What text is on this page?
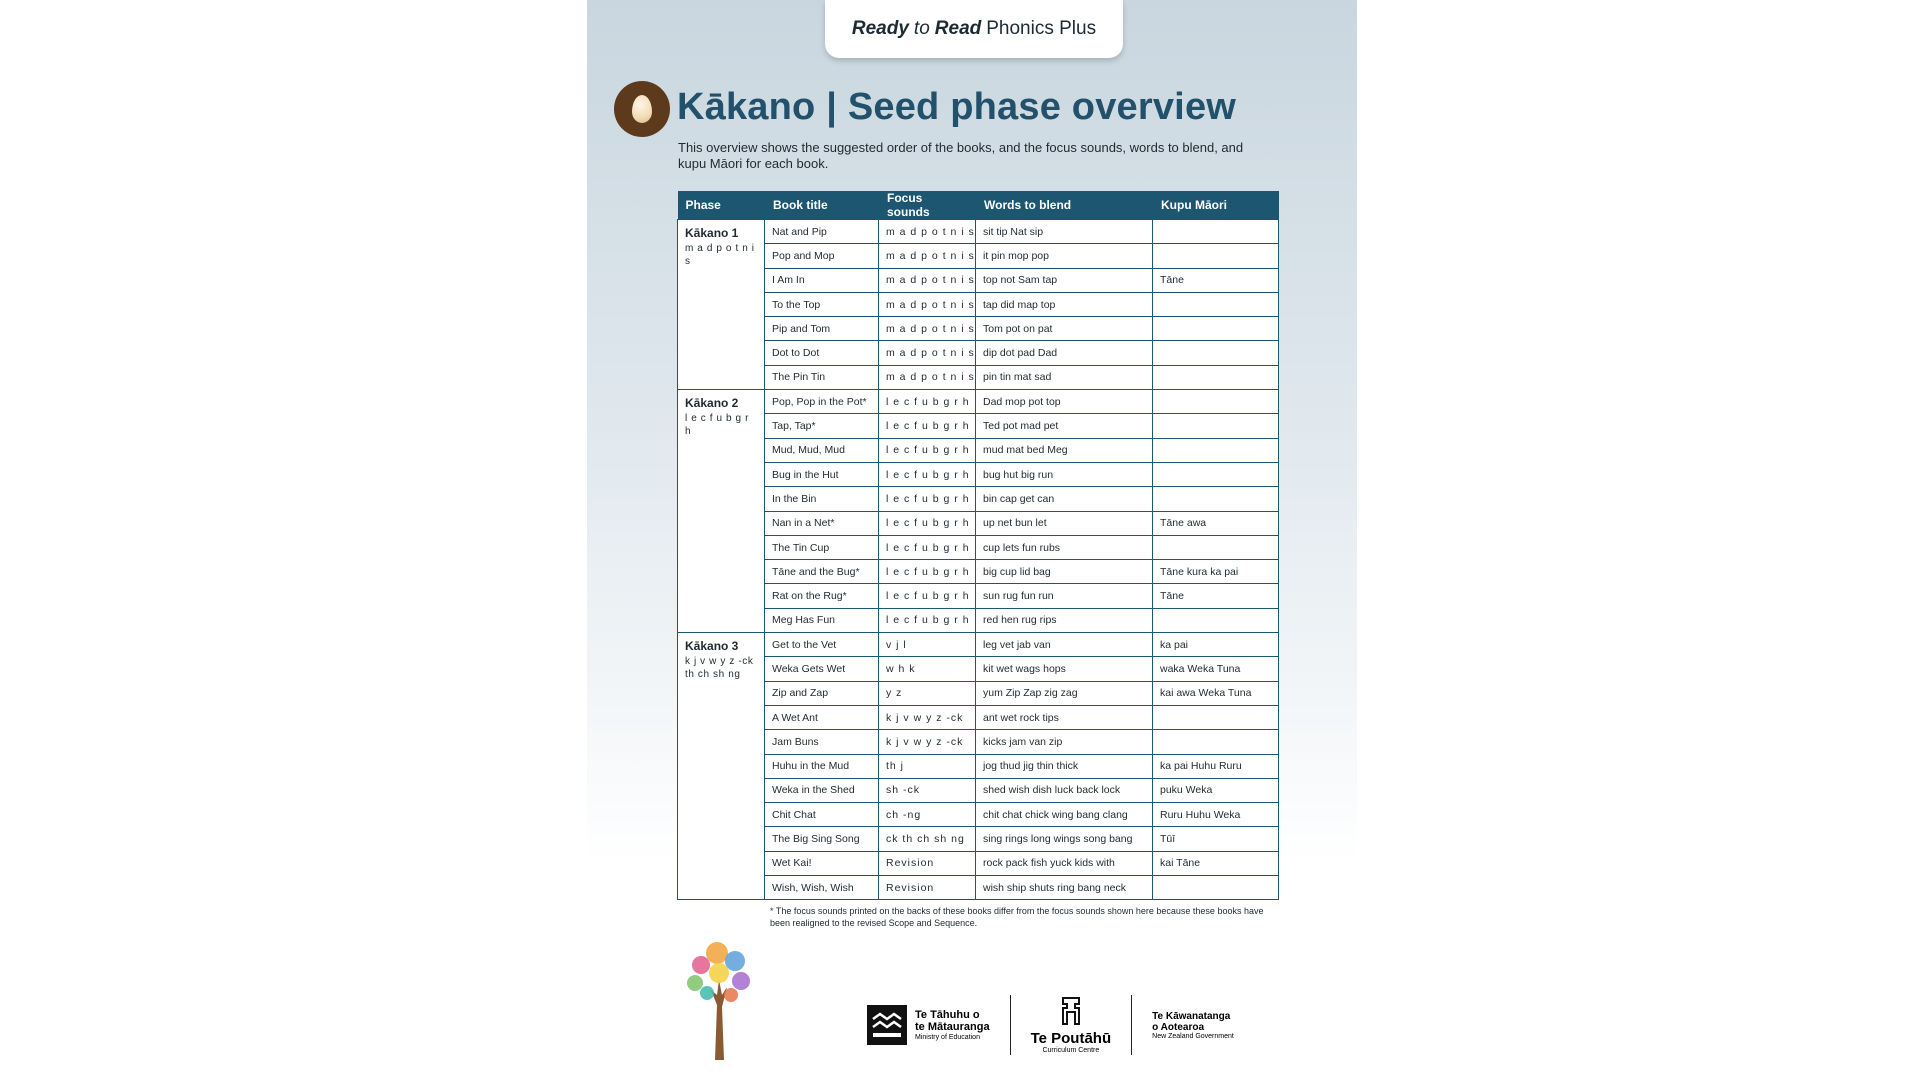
Ready to Read Phonics Plus
Kākano | Seed phase overview
This overview shows the suggested order of the books, and the focus sounds, words to blend, and kupu Māori for each book.
Phase	Book title	Focus sounds	Words to blend	Kupu Māori

Kākano 1
m a d p o t n i s	Nat and Pip	m a d p o t n i s	sit tip Nat sip	
	Pop and Mop	m a d p o t n i s	it pin mop pop	
	I Am In	m a d p o t n i s	top not Sam tap	Tāne
	To the Top	m a d p o t n i s	tap did map top	
	Pip and Tom	m a d p o t n i s	Tom pot on pat	
	Dot to Dot	m a d p o t n i s	dip dot pad Dad	
	The Pin Tin	m a d p o t n i s	pin tin mat sad	

Kākano 2
l e c f u b g r h	Pop, Pop in the Pot*	l e c f u b g r h	Dad mop pot top	
	Tap, Tap*	l e c f u b g r h	Ted pot mad pet	
	Mud, Mud, Mud	l e c f u b g r h	mud mat bed Meg	
	Bug in the Hut	l e c f u b g r h	bug hut big run	
	In the Bin	l e c f u b g r h	bin cap get can	
	Nan in a Net*	l e c f u b g r h	up net bun let	Tāne awa
	The Tin Cup	l e c f u b g r h	cup lets fun rubs	
	Tāne and the Bug*	l e c f u b g r h	big cup lid bag	Tāne kura ka pai
	Rat on the Rug*	l e c f u b g r h	sun rug fun run	Tāne
	Meg Has Fun	l e c f u b g r h	red hen rug rips	

Kākano 3
k j v w y z -ck th ch sh ng	Get to the Vet	v j l	leg vet jab van	ka pai
	Weka Gets Wet	w h k	kit wet wags hops	waka Weka Tuna
	Zip and Zap	y z	yum Zip Zap zig zag	kai awa Weka Tuna
	A Wet Ant	k j v w y z -ck	ant wet rock tips	
	Jam Buns	k j v w y z -ck	kicks jam van zip	
	Huhu in the Mud	th j	jog thud jig thin thick	ka pai Huhu Ruru
	Weka in the Shed	sh -ck	shed wish dish luck back lock	puku Weka
	Chit Chat	ch -ng	chit chat chick wing bang clang	Ruru Huhu Weka
	The Big Sing Song	ck th ch sh ng	sing rings long wings song bang	Tūī
	Wet Kai!	Revision	rock pack fish yuck kids with	kai Tāne
	Wish, Wish, Wish	Revision	wish ship shuts ring bang neck	
* The focus sounds printed on the backs of these books differ from the focus sounds shown here because these books have been realigned to the revised Scope and Sequence.
Te Tāhuhu o
te Mātauranga
Ministry of Education	Te Poutāhū
Curriculum Centre
Te Kāwanatanga
o Aotearoa
New Zealand Government
